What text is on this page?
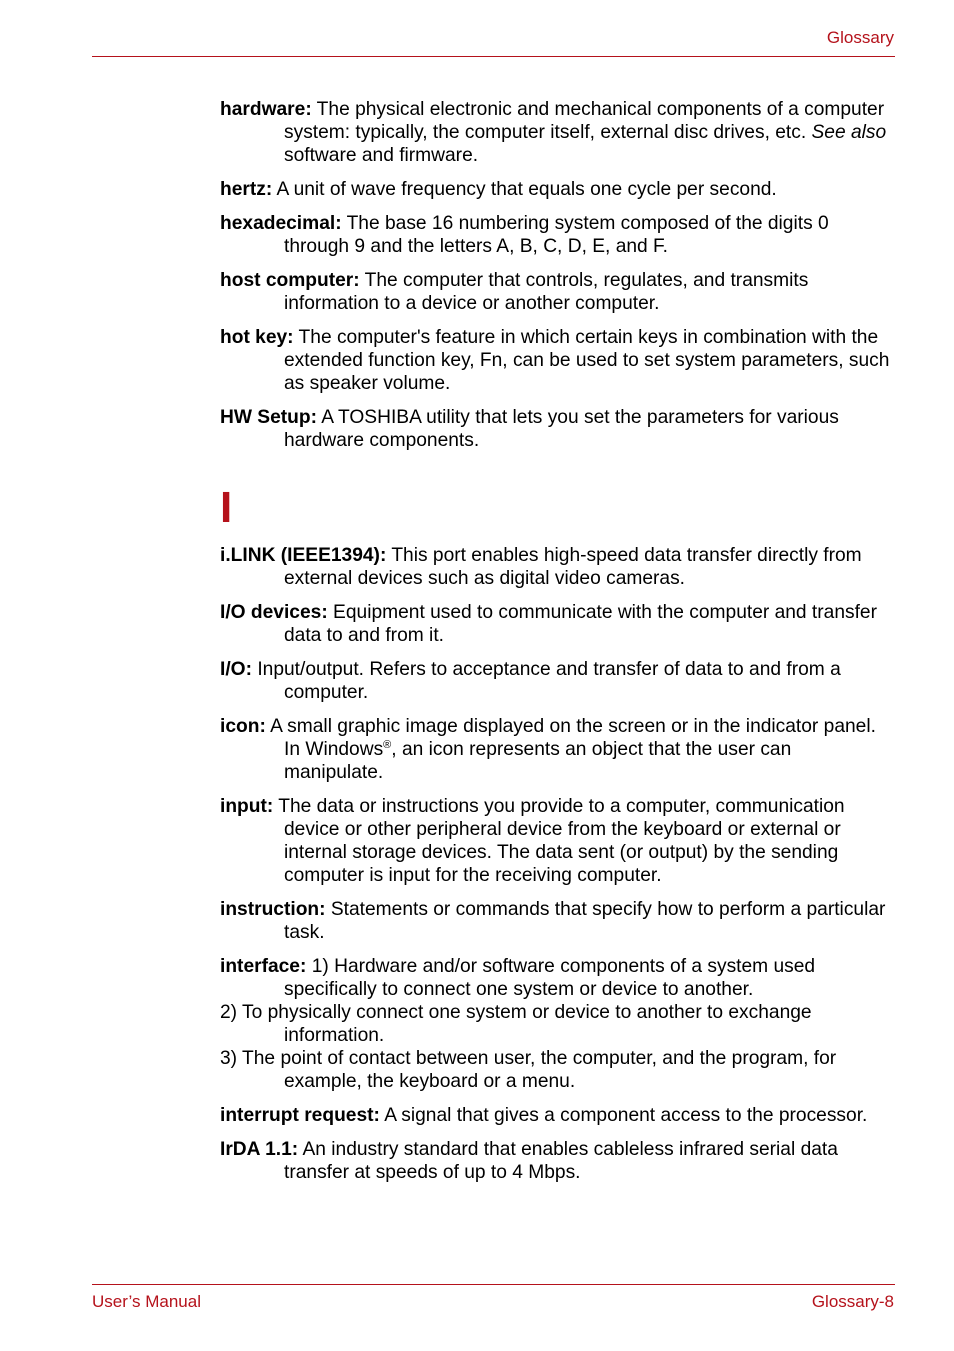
Glossary

hardware: The physical electronic and mechanical components of a computer system: typically, the computer itself, external disc drives, etc. See also software and firmware.

hertz: A unit of wave frequency that equals one cycle per second.

hexadecimal: The base 16 numbering system composed of the digits 0 through 9 and the letters A, B, C, D, E, and F.

host computer: The computer that controls, regulates, and transmits information to a device or another computer.

hot key: The computer's feature in which certain keys in combination with the extended function key, Fn, can be used to set system parameters, such as speaker volume.

HW Setup: A TOSHIBA utility that lets you set the parameters for various hardware components.

I

i.LINK (IEEE1394): This port enables high-speed data transfer directly from external devices such as digital video cameras.

I/O devices: Equipment used to communicate with the computer and transfer data to and from it.

I/O: Input/output. Refers to acceptance and transfer of data to and from a computer.

icon: A small graphic image displayed on the screen or in the indicator panel. In Windows®, an icon represents an object that the user can manipulate.

input: The data or instructions you provide to a computer, communication device or other peripheral device from the keyboard or external or internal storage devices. The data sent (or output) by the sending computer is input for the receiving computer.

instruction: Statements or commands that specify how to perform a particular task.

interface: 1) Hardware and/or software components of a system used specifically to connect one system or device to another.
2) To physically connect one system or device to another to exchange information.
3) The point of contact between user, the computer, and the program, for example, the keyboard or a menu.

interrupt request: A signal that gives a component access to the processor.

IrDA 1.1: An industry standard that enables cableless infrared serial data transfer at speeds of up to 4 Mbps.

User’s Manual	Glossary-8
